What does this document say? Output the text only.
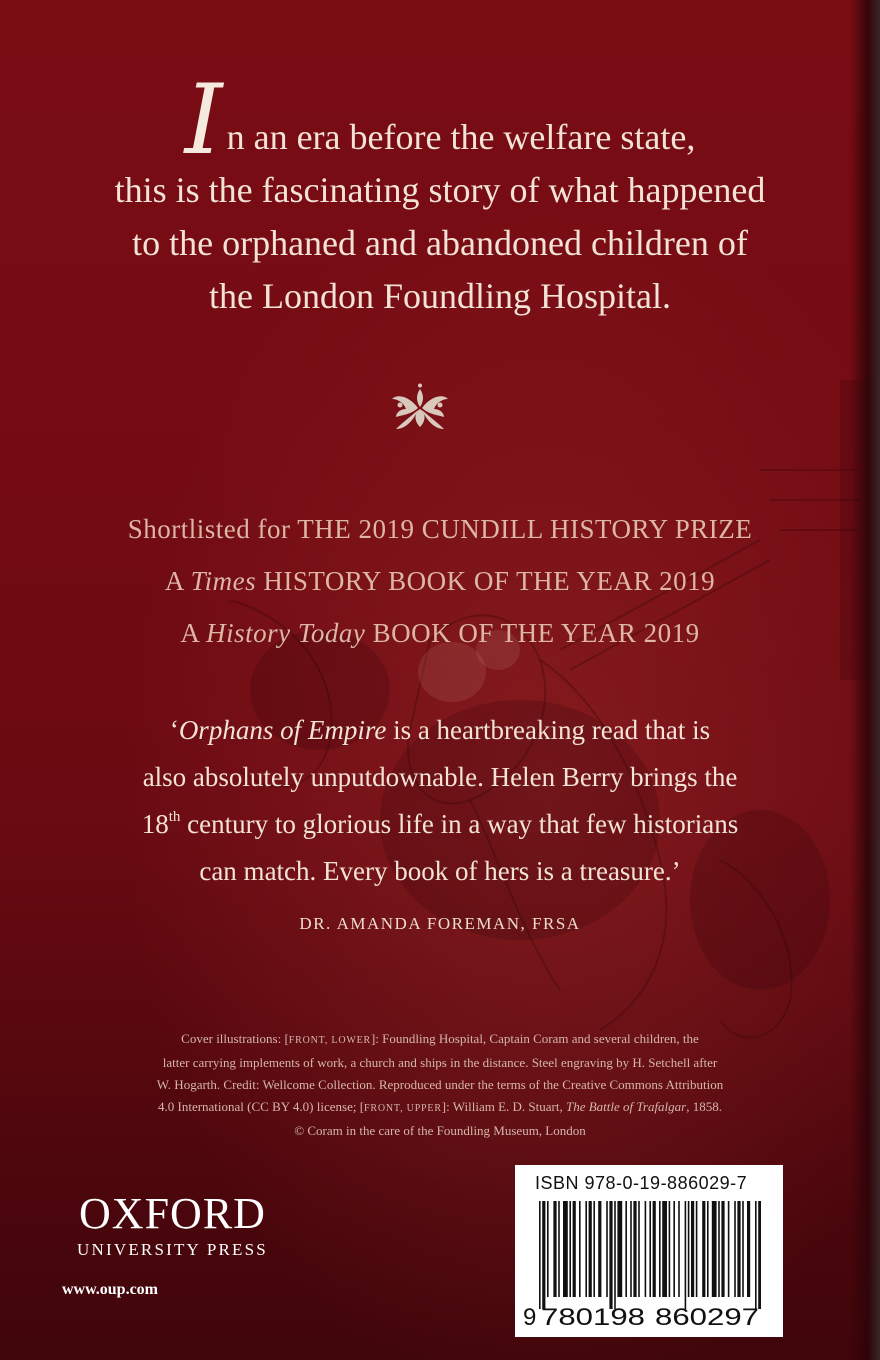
In an era before the welfare state,
this is the fascinating story of what happened
to the orphaned and abandoned children of
the London Foundling Hospital.
Shortlisted for THE 2019 CUNDILL HISTORY PRIZE
A Times HISTORY BOOK OF THE YEAR 2019
A History Today BOOK OF THE YEAR 2019
‘Orphans of Empire is a heartbreaking read that is
also absolutely unputdownable. Helen Berry brings the
18th century to glorious life in a way that few historians
can match. Every book of hers is a treasure.’
DR. AMANDA FOREMAN, FRSA
Cover illustrations: [FRONT, LOWER]: Foundling Hospital, Captain Coram and several children, the
latter carrying implements of work, a church and ships in the distance. Steel engraving by H. Setchell after
W. Hogarth. Credit: Wellcome Collection. Reproduced under the terms of the Creative Commons Attribution
4.0 International (CC BY 4.0) license; [FRONT, UPPER]: William E. D. Stuart, The Battle of Trafalgar, 1858.
© Coram in the care of the Foundling Museum, London
OXFORD
UNIVERSITY PRESS
www.oup.com
ISBN 978-0-19-886029-7
9 780198 860297
